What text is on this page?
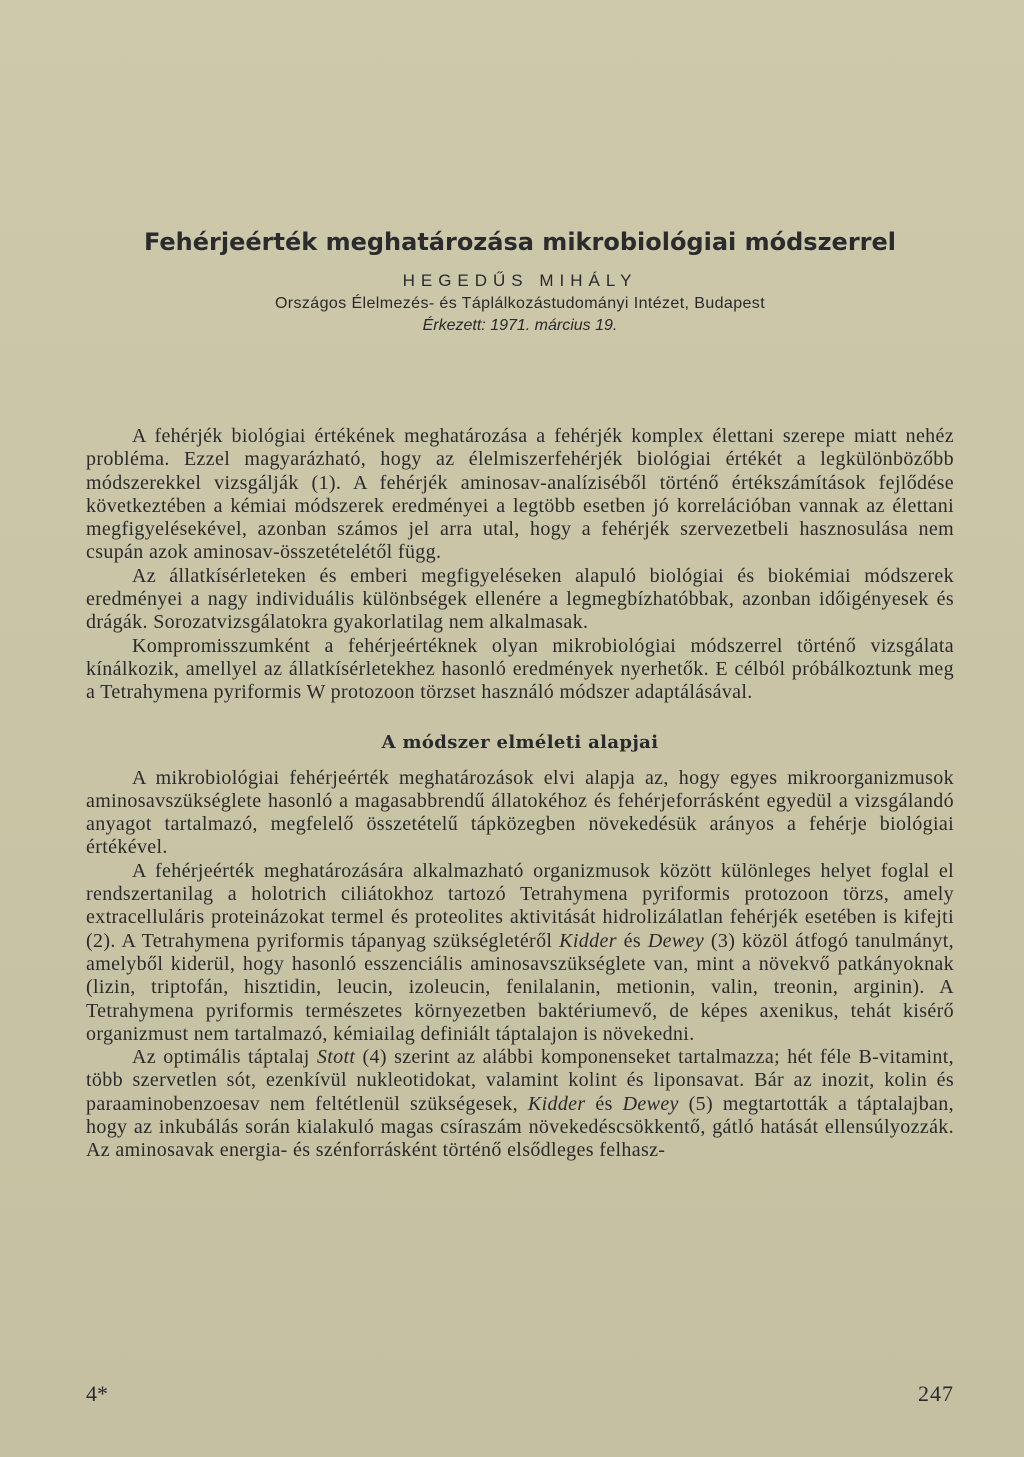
Fehérjeérték meghatározása mikrobiológiai módszerrel
HEGEDŰS MIHÁLY
Országos Élelmezés- és Táplálkozástudományi Intézet, Budapest
Érkezett: 1971. március 19.

A fehérjék biológiai értékének meghatározása a fehérjék komplex élettani szerepe miatt nehéz probléma. Ezzel magyarázható, hogy az élelmiszerfehérjék biológiai értékét a legkülönbözőbb módszerekkel vizsgálják (1). A fehérjék aminosav-analíziséből történő értékszámítások fejlődése következtében a kémiai módszerek eredményei a legtöbb esetben jó korrelációban vannak az élettani megfigyelésekével, azonban számos jel arra utal, hogy a fehérjék szervezetbeli hasznosulása nem csupán azok aminosav-összetételétől függ.

Az állatkísérleteken és emberi megfigyeléseken alapuló biológiai és biokémiai módszerek eredményei a nagy individuális különbségek ellenére a legmegbízhatóbbak, azonban időigényesek és drágák. Sorozatvizsgálatokra gyakorlatilag nem alkalmasak.

Kompromisszumként a fehérjeértéknek olyan mikrobiológiai módszerrel történő vizsgálata kínálkozik, amellyel az állatkísérletekhez hasonló eredmények nyerhetők. E célból próbálkoztunk meg a Tetrahymena pyriformis W protozoon törzset használó módszer adaptálásával.

A módszer elméleti alapjai

A mikrobiológiai fehérjeérték meghatározások elvi alapja az, hogy egyes mikroorganizmusok aminosavszükséglete hasonló a magasabbrendű állatokéhoz és fehérjeforrásként egyedül a vizsgálandó anyagot tartalmazó, megfelelő összetételű tápközegben növekedésük arányos a fehérje biológiai értékével.

A fehérjeérték meghatározására alkalmazható organizmusok között különleges helyet foglal el rendszertanilag a holotrich ciliátokhoz tartozó Tetrahymena pyriformis protozoon törzs, amely extracelluláris proteinázokat termel és proteolites aktivitását hidrolizálatlan fehérjék esetében is kifejti (2). A Tetrahymena pyriformis tápanyag szükségletéről Kidder és Dewey (3) közöl átfogó tanulmányt, amelyből kiderül, hogy hasonló esszenciális aminosavszükséglete van, mint a növekvő patkányoknak (lizin, triptofán, hisztidin, leucin, izoleucin, fenilalanin, metionin, valin, treonin, arginin). A Tetrahymena pyriformis természetes környezetben baktériumevő, de képes axenikus, tehát kisérő organizmust nem tartalmazó, kémiailag definiált táptalajon is növekedni.

Az optimális táptalaj Stott (4) szerint az alábbi komponenseket tartalmazza; hét féle B-vitamint, több szervetlen sót, ezenkívül nukleotidokat, valamint kolint és liponsavat. Bár az inozit, kolin és paraaminobenzoesav nem feltétlenül szükségesek, Kidder és Dewey (5) megtartották a táptalajban, hogy az inkubálás során kialakuló magas csíraszám növekedéscsökkentő, gátló hatását ellensúlyozzák. Az aminosavak energia- és szénforrásként történő elsődleges felhasz-

4*	247
